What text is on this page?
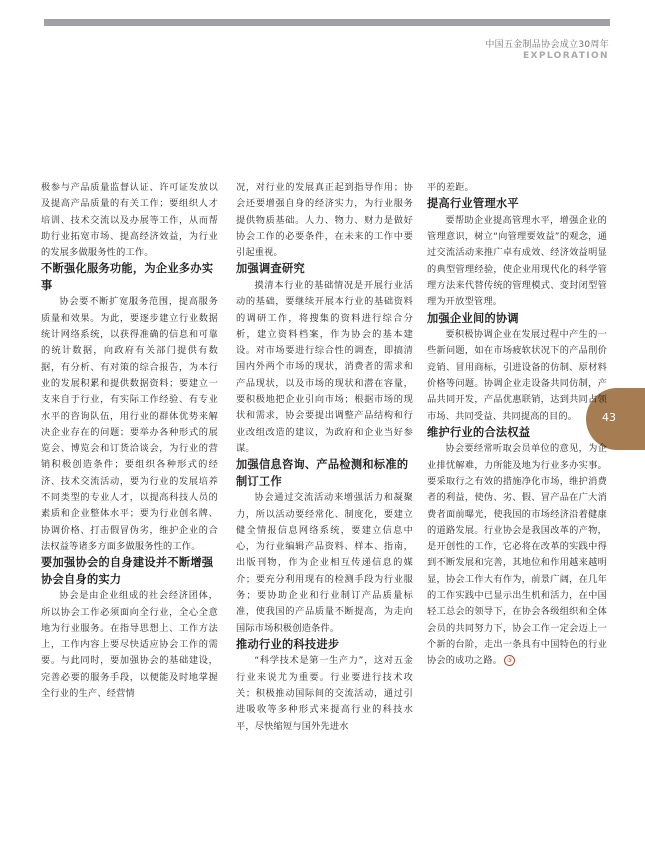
中国五金制品协会成立30周年
EXPLORATION
43

极参与产品质量监督认证、许可证发放以及提高产品质量的有关工作；要组织人才培训、技术交流以及办展等工作，从而帮助行业拓宽市场、提高经济效益，为行业的发展多做服务性的工作。

不断强化服务功能，为企业多办实事

协会要不断扩宽服务范围，提高服务质量和效果。为此，要逐步建立行业数据统计网络系统，以获得准确的信息和可靠的统计数据，向政府有关部门提供有数据，有分析、有对策的综合报告，为本行业的发展积累和提供数据资料；要建立一支来自于行业，有实际工作经验、有专业水平的咨询队伍，用行业的群体优势来解决企业存在的问题；要举办各种形式的展览会、博览会和订货洽谈会，为行业的营销积极创造条件；要组织各种形式的经济、技术交流活动，要为行业的发展培养不同类型的专业人才，以提高科技人员的素质和企业整体水平；要为行业创名牌、协调价格、打击假冒伪劣，维护企业的合法权益等诸多方面多做服务性的工作。

要加强协会的自身建设并不断增强协会自身的实力

协会是由企业组成的社会经济团体，所以协会工作必须面向全行业，全心全意地为行业服务。在指导思想上、工作方法上，工作内容上要尽快适应协会工作的需要。与此同时，要加强协会的基础建设，完善必要的服务手段，以便能及时地掌握全行业的生产、经营情

况，对行业的发展真正起到指导作用；协会还要增强自身的经济实力，为行业服务提供物质基础。人力、物力、财力是做好协会工作的必要条件，在未来的工作中要引起重视。

加强调查研究

摸清本行业的基础情况是开展行业活动的基础，要继续开展本行业的基础资料的调研工作，将搜集的资料进行综合分析，建立资料档案，作为协会的基本建设。对市场要进行综合性的调查，即搞清国内外两个市场的现状，消费者的需求和产品现状，以及市场的现状和潜在容量，要积极地把企业引向市场；根据市场的现状和需求，协会要提出调整产品结构和行业改组改造的建议，为政府和企业当好参谋。

加强信息咨询、产品检测和标准的制订工作

协会通过交流活动来增强活力和凝聚力，所以活动要经常化、制度化，要建立健全情报信息网络系统，要建立信息中心，为行业编辑产品资料、样本、指南，出版刊物，作为企业相互传递信息的媒介；要充分利用现有的检测手段为行业服务；要协助企业和行业制订产品质量标准，使我国的产品质量不断提高，为走向国际市场积极创造条件。

推动行业的科技进步

“科学技术是第一生产力”，这对五金行业来说尤为重要。行业要进行技术攻关；积极推动国际间的交流活动，通过引进吸收等多种形式来提高行业的科技水平，尽快缩短与国外先进水

平的差距。

提高行业管理水平

要帮助企业提高管理水平，增强企业的管理意识，树立“向管理要效益”的观念，通过交流活动来推广卓有成效、经济效益明显的典型管理经验，使企业用现代化的科学管理方法来代替传统的管理模式、变封闭型管理为开放型管理。

加强企业间的协调

要积极协调企业在发展过程中产生的一些新问题，如在市场疲软状况下的产品削价竞销、冒用商标，引进设备的仿制、原材料价格等问题。协调企业走设备共同仿制，产品共同开发，产品优惠联销，达到共同占领市场、共同受益、共同提高的目的。

维护行业的合法权益

协会要经常听取会员单位的意见，为企业排忧解难，力所能及地为行业多办实事。要采取行之有效的措施净化市场，维护消费者的利益，使伪、劣、假、冒产品在广大消费者面前曝光，使我国的市场经济沿着健康的道路发展。行业协会是我国改革的产物，是开创性的工作，它必将在改革的实践中得到不断发展和完善，其地位和作用越来越明显，协会工作大有作为，前景广阔，在几年的工作实践中已显示出生机和活力，在中国轻工总会的领导下，在协会各级组织和全体会员的共同努力下，协会工作一定会迈上一个新的台阶，走出一条具有中国特色的行业协会的成功之路。 ③
